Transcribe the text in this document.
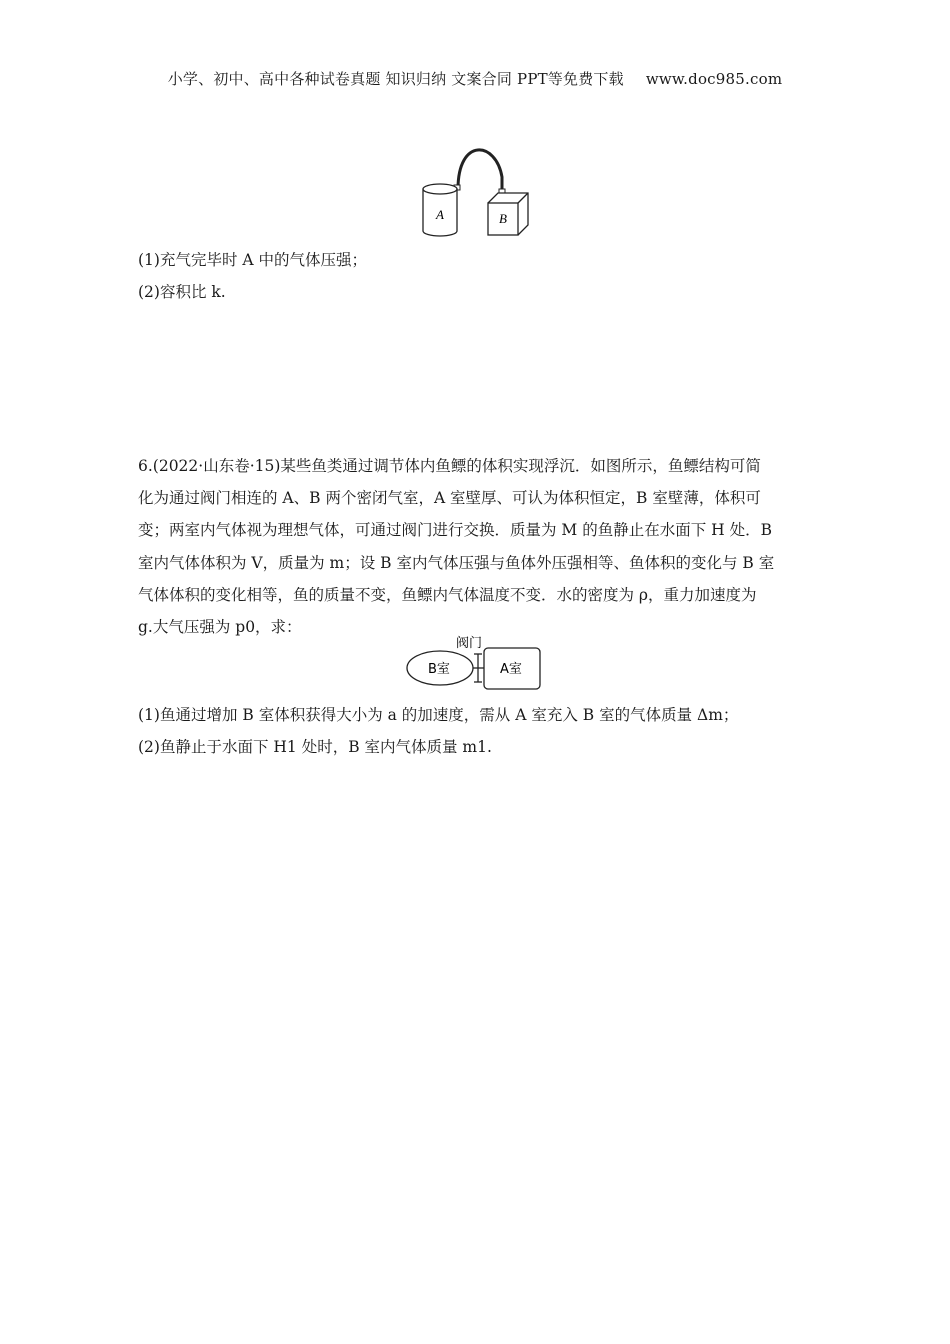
小学、初中、高中各种试卷真题 知识归纳 文案合同 PPT等免费下载 www.doc985.com
A	B
(1)充气完毕时 A 中的气体压强；
(2)容积比 k.

6.(2022·山东卷·15)某些鱼类通过调节体内鱼鳔的体积实现浮沉．如图所示，鱼鳔结构可简

化为通过阀门相连的 A、B 两个密闭气室，A 室壁厚、可认为体积恒定，B 室壁薄，体积可

变；两室内气体视为理想气体，可通过阀门进行交换．质量为 M 的鱼静止在水面下 H 处．B

室内气体体积为 V，质量为 m；设 B 室内气体压强与鱼体外压强相等、鱼体积的变化与 B 室

气体体积的变化相等，鱼的质量不变，鱼鳔内气体温度不变．水的密度为 ρ，重力加速度为

g.大气压强为 p0，求：

阀门
B室	A室
(1)鱼通过增加 B 室体积获得大小为 a 的加速度，需从 A 室充入 B 室的气体质量 Δm；
(2)鱼静止于水面下 H1 处时，B 室内气体质量 m1.
